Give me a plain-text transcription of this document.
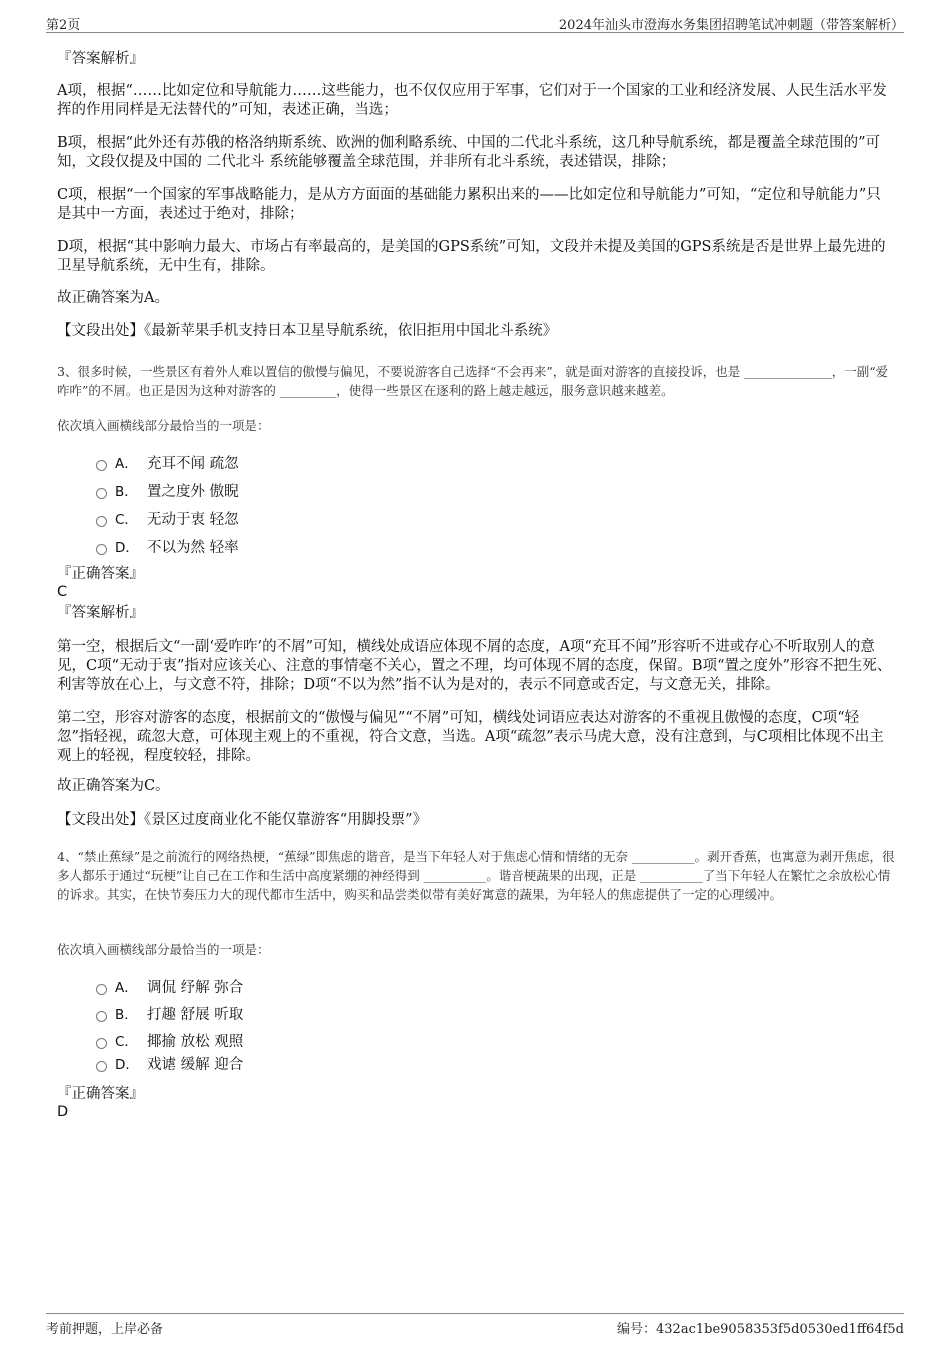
第2页	2024年汕头市澄海水务集团招聘笔试冲刺题（带答案解析）
『答案解析』
A项，根据“……比如定位和导航能力……这些能力，也不仅仅应用于军事，它们对于一个国家的工业和经济发展、人民生活水平发挥的作用同样是无法替代的”可知，表述正确，当选；
B项，根据“此外还有苏俄的格洛纳斯系统、欧洲的伽利略系统、中国的二代北斗系统，这几种导航系统，都是覆盖全球范围的”可知，文段仅提及中国的 二代北斗 系统能够覆盖全球范围，并非所有北斗系统，表述错误，排除；
C项，根据“一个国家的军事战略能力，是从方方面面的基础能力累积出来的——比如定位和导航能力”可知，“定位和导航能力”只是其中一方面，表述过于绝对，排除；
D项，根据“其中影响力最大、市场占有率最高的，是美国的GPS系统”可知，文段并未提及美国的GPS系统是否是世界上最先进的卫星导航系统，无中生有，排除。
故正确答案为A。
【文段出处】《最新苹果手机支持日本卫星导航系统，依旧拒用中国北斗系统》
3、很多时候，一些景区有着外人难以置信的傲慢与偏见，不要说游客自己选择“不会再来”，就是面对游客的直接投诉，也是 ______________，一副“爱咋咋”的不屑。也正是因为这种对游客的 _________，使得一些景区在逐利的路上越走越远，服务意识越来越差。
依次填入画横线部分最恰当的一项是：
A． 充耳不闻 疏忽
B． 置之度外 傲睨
C． 无动于衷 轻忽
D． 不以为然 轻率
『正确答案』
C
『答案解析』
第一空，根据后文“一副‘爱咋咋’的不屑”可知，横线处成语应体现不屑的态度，A项“充耳不闻”形容听不进或存心不听取别人的意见，C项“无动于衷”指对应该关心、注意的事情毫不关心，置之不理，均可体现不屑的态度，保留。B项“置之度外”形容不把生死、利害等放在心上，与文意不符，排除；D项“不以为然”指不认为是对的，表示不同意或否定，与文意无关，排除。
第二空，形容对游客的态度，根据前文的“傲慢与偏见”“不屑”可知，横线处词语应表达对游客的不重视且傲慢的态度，C项“轻忽”指轻视，疏忽大意，可体现主观上的不重视，符合文意，当选。A项“疏忽”表示马虎大意，没有注意到，与C项相比体现不出主观上的轻视，程度较轻，排除。
故正确答案为C。
【文段出处】《景区过度商业化不能仅靠游客“用脚投票”》
4、“禁止蕉绿”是之前流行的网络热梗，“蕉绿”即焦虑的谐音，是当下年轻人对于焦虑心情和情绪的无奈 __________。剥开香蕉，也寓意为剥开焦虑，很多人都乐于通过“玩梗”让自己在工作和生活中高度紧绷的神经得到 __________。谐音梗蔬果的出现，正是 __________了当下年轻人在繁忙之余放松心情的诉求。其实，在快节奏压力大的现代都市生活中，购买和品尝类似带有美好寓意的蔬果，为年轻人的焦虑提供了一定的心理缓冲。
依次填入画横线部分最恰当的一项是：
A． 调侃 纾解 弥合
B． 打趣 舒展 听取
C． 揶揄 放松 观照
D． 戏谑 缓解 迎合
『正确答案』
D
考前押题，上岸必备	编号：432ac1be9058353f5d0530ed1ff64f5d
